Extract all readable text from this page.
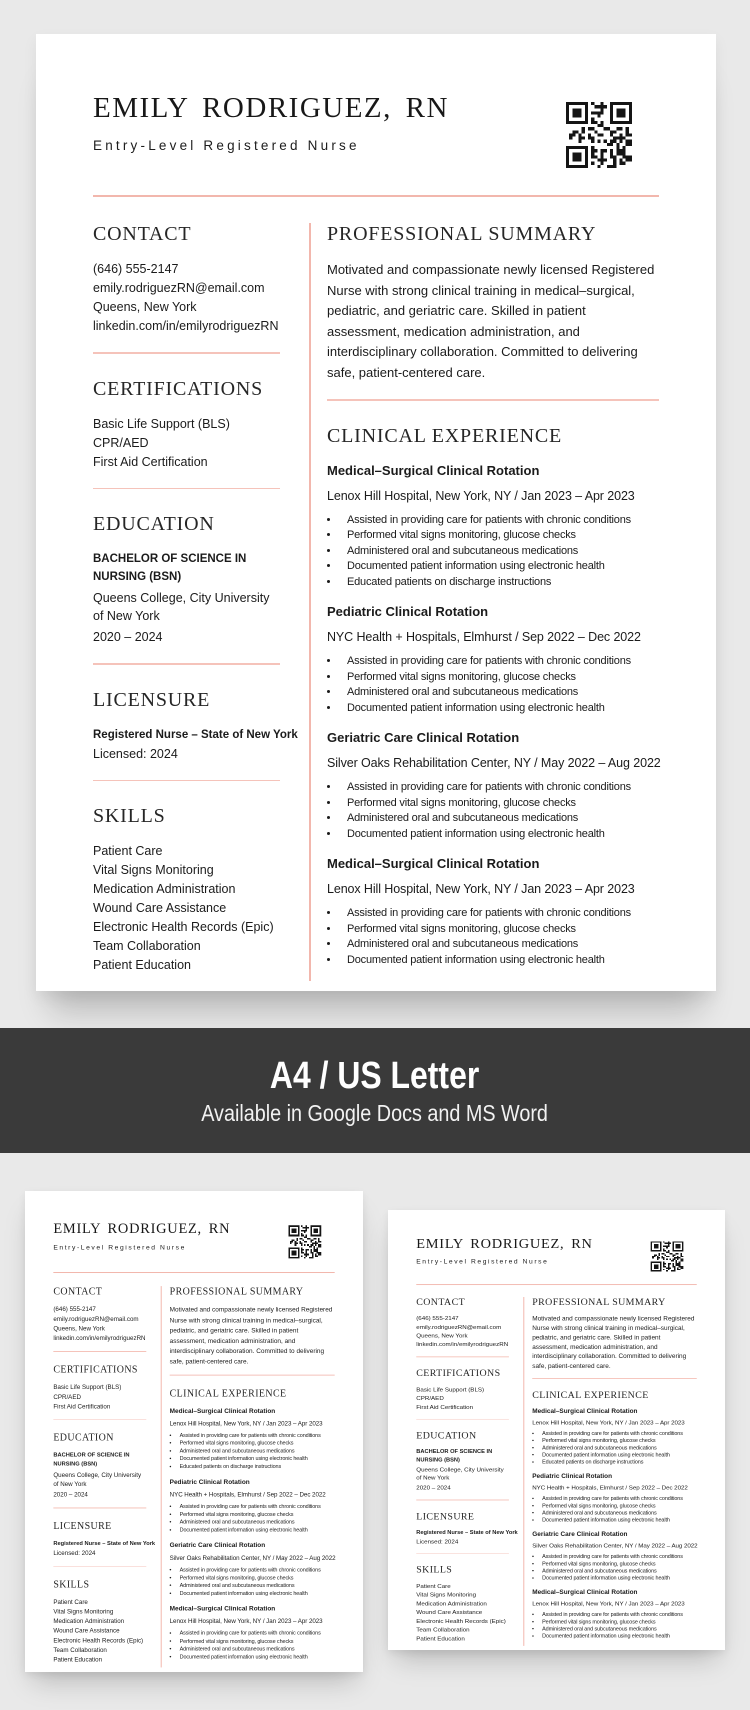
EMILY RODRIGUEZ, RN
Entry-Level Registered Nurse
CONTACT
(646) 555-2147
emily.rodriguezRN@email.com
Queens, New York
linkedin.com/in/emilyrodriguezRN
CERTIFICATIONS
Basic Life Support (BLS)
CPR/AED
First Aid Certification
EDUCATION
BACHELOR OF SCIENCE IN NURSING (BSN)
Queens College, City University of New York
2020 – 2024
LICENSURE
Registered Nurse – State of New York
Licensed: 2024
SKILLS
Patient Care
Vital Signs Monitoring
Medication Administration
Wound Care Assistance
Electronic Health Records (Epic)
Team Collaboration
Patient Education
PROFESSIONAL SUMMARY
Motivated and compassionate newly licensed Registered Nurse with strong clinical training in medical–surgical, pediatric, and geriatric care. Skilled in patient assessment, medication administration, and interdisciplinary collaboration. Committed to delivering safe, patient-centered care.
CLINICAL EXPERIENCE
Medical–Surgical Clinical Rotation
Lenox Hill Hospital, New York, NY / Jan 2023 – Apr 2023
• Assisted in providing care for patients with chronic conditions
• Performed vital signs monitoring, glucose checks
• Administered oral and subcutaneous medications
• Documented patient information using electronic health
• Educated patients on discharge instructions
Pediatric Clinical Rotation
NYC Health + Hospitals, Elmhurst / Sep 2022 – Dec 2022
• Assisted in providing care for patients with chronic conditions
• Performed vital signs monitoring, glucose checks
• Administered oral and subcutaneous medications
• Documented patient information using electronic health
Geriatric Care Clinical Rotation
Silver Oaks Rehabilitation Center, NY / May 2022 – Aug 2022
• Assisted in providing care for patients with chronic conditions
• Performed vital signs monitoring, glucose checks
• Administered oral and subcutaneous medications
• Documented patient information using electronic health
Medical–Surgical Clinical Rotation
Lenox Hill Hospital, New York, NY / Jan 2023 – Apr 2023
• Assisted in providing care for patients with chronic conditions
• Performed vital signs monitoring, glucose checks
• Administered oral and subcutaneous medications
• Documented patient information using electronic health
A4 / US Letter
Available in Google Docs and MS Word
EMILY RODRIGUEZ, RN
Entry-Level Registered Nurse
CONTACT
(646) 555-2147
emily.rodriguezRN@email.com
Queens, New York
linkedin.com/in/emilyrodriguezRN
CERTIFICATIONS
Basic Life Support (BLS)
CPR/AED
First Aid Certification
EDUCATION
BACHELOR OF SCIENCE IN NURSING (BSN)
Queens College, City University of New York
2020 – 2024
LICENSURE
Registered Nurse – State of New York
Licensed: 2024
SKILLS
Patient Care
Vital Signs Monitoring
Medication Administration
Wound Care Assistance
Electronic Health Records (Epic)
Team Collaboration
Patient Education
PROFESSIONAL SUMMARY
Motivated and compassionate newly licensed Registered Nurse with strong clinical training in medical–surgical, pediatric, and geriatric care. Skilled in patient assessment, medication administration, and interdisciplinary collaboration. Committed to delivering safe, patient-centered care.
CLINICAL EXPERIENCE
Medical–Surgical Clinical Rotation
Lenox Hill Hospital, New York, NY / Jan 2023 – Apr 2023
• Assisted in providing care for patients with chronic conditions
• Performed vital signs monitoring, glucose checks
• Administered oral and subcutaneous medications
• Documented patient information using electronic health
• Educated patients on discharge instructions
Pediatric Clinical Rotation
NYC Health + Hospitals, Elmhurst / Sep 2022 – Dec 2022
• Assisted in providing care for patients with chronic conditions
• Performed vital signs monitoring, glucose checks
• Administered oral and subcutaneous medications
• Documented patient information using electronic health
Geriatric Care Clinical Rotation
Silver Oaks Rehabilitation Center, NY / May 2022 – Aug 2022
• Assisted in providing care for patients with chronic conditions
• Performed vital signs monitoring, glucose checks
• Administered oral and subcutaneous medications
• Documented patient information using electronic health
Medical–Surgical Clinical Rotation
Lenox Hill Hospital, New York, NY / Jan 2023 – Apr 2023
• Assisted in providing care for patients with chronic conditions
• Performed vital signs monitoring, glucose checks
• Administered oral and subcutaneous medications
• Documented patient information using electronic health
EMILY RODRIGUEZ, RN
Entry-Level Registered Nurse
CONTACT
(646) 555-2147
emily.rodriguezRN@email.com
Queens, New York
linkedin.com/in/emilyrodriguezRN
CERTIFICATIONS
Basic Life Support (BLS)
CPR/AED
First Aid Certification
EDUCATION
BACHELOR OF SCIENCE IN NURSING (BSN)
Queens College, City University of New York
2020 – 2024
LICENSURE
Registered Nurse – State of New York
Licensed: 2024
SKILLS
Patient Care
Vital Signs Monitoring
Medication Administration
Wound Care Assistance
Electronic Health Records (Epic)
Team Collaboration
Patient Education
PROFESSIONAL SUMMARY
Motivated and compassionate newly licensed Registered Nurse with strong clinical training in medical–surgical, pediatric, and geriatric care. Skilled in patient assessment, medication administration, and interdisciplinary collaboration. Committed to delivering safe, patient-centered care.
CLINICAL EXPERIENCE
Medical–Surgical Clinical Rotation
Lenox Hill Hospital, New York, NY / Jan 2023 – Apr 2023
• Assisted in providing care for patients with chronic conditions
• Performed vital signs monitoring, glucose checks
• Administered oral and subcutaneous medications
• Documented patient information using electronic health
• Educated patients on discharge instructions
Pediatric Clinical Rotation
NYC Health + Hospitals, Elmhurst / Sep 2022 – Dec 2022
• Assisted in providing care for patients with chronic conditions
• Performed vital signs monitoring, glucose checks
• Administered oral and subcutaneous medications
• Documented patient information using electronic health
Geriatric Care Clinical Rotation
Silver Oaks Rehabilitation Center, NY / May 2022 – Aug 2022
• Assisted in providing care for patients with chronic conditions
• Performed vital signs monitoring, glucose checks
• Administered oral and subcutaneous medications
• Documented patient information using electronic health
Medical–Surgical Clinical Rotation
Lenox Hill Hospital, New York, NY / Jan 2023 – Apr 2023
• Assisted in providing care for patients with chronic conditions
• Performed vital signs monitoring, glucose checks
• Administered oral and subcutaneous medications
• Documented patient information using electronic health
